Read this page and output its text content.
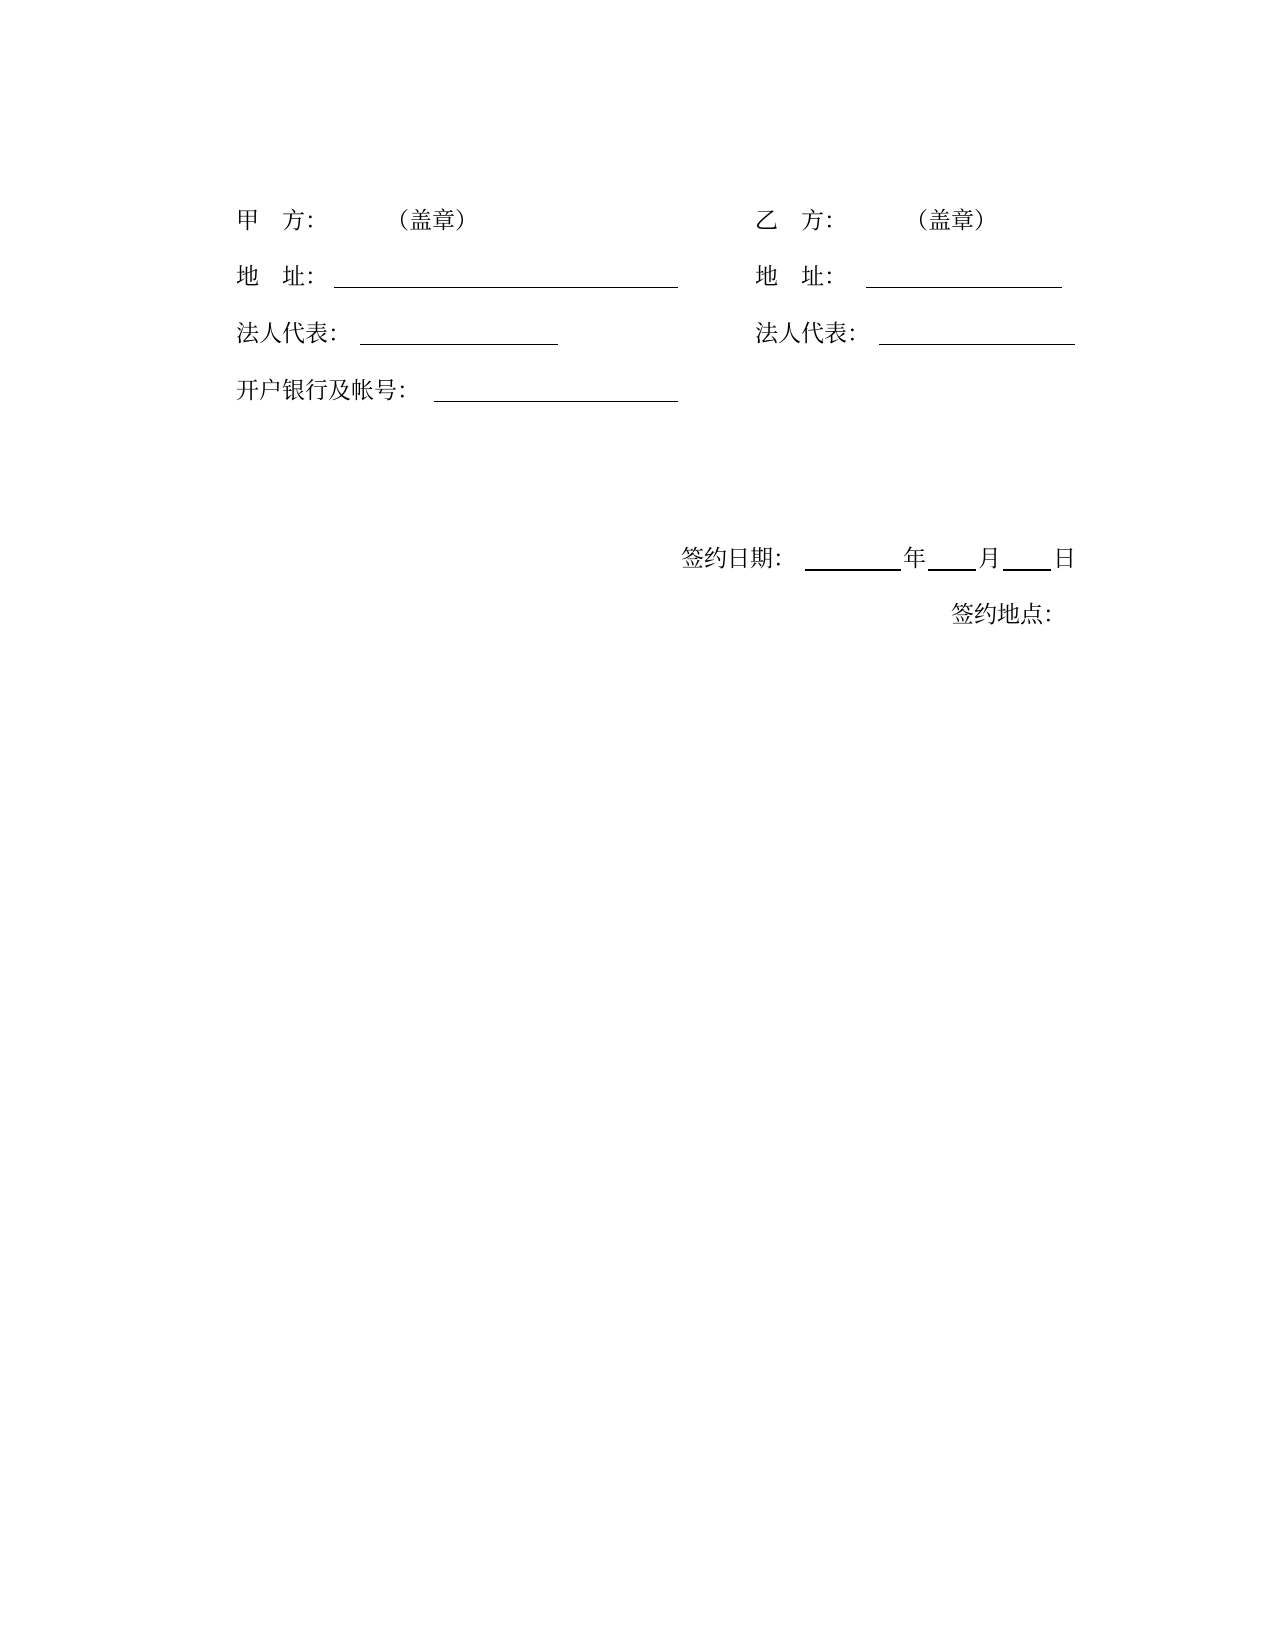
甲　方：	（盖章）
地　址：
法人代表：
开户银行及帐号：
乙　方：	（盖章）
地　址：
法人代表：
签约日期：	年 月 日
签约地点：
